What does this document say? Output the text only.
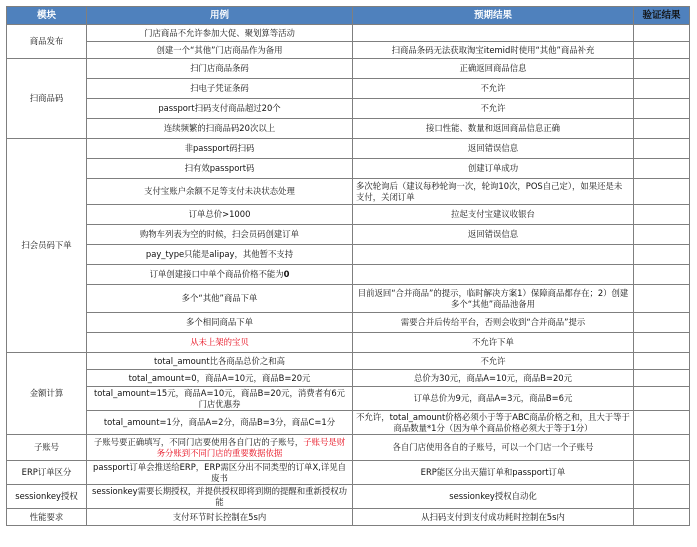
模块	用例	预期结果	验证结果
商品发布	门店商品不允许参加大促、聚划算等活动		
	创建一个“其他”门店商品作为备用	扫商品条码无法获取淘宝itemid时使用“其他”商品补充	
扫商品码	扫门店商品条码	正确返回商品信息	
	扫电子凭证条码	不允许	
	passport扫码支付商品超过20个	不允许	
	连续频繁的扫商品码20次以上	接口性能、数量和返回商品信息正确	
扫会员码下单	非passport码扫码	返回错误信息	
	扫有效passport码	创建订单成功	
	支付宝账户余额不足等支付未决状态处理	多次轮询后（建议每秒轮询一次，轮询10次，POS自己定），如果还是未支付，关闭订单	
	订单总价>1000	拉起支付宝建议收银台	
	购物车列表为空的时候，扫会员码创建订单	返回错误信息	
	pay_type只能是alipay，其他暂不支持		
	订单创建接口中单个商品价格不能为0		
	多个“其他”商品下单	目前返回“合并商品”的提示，临时解决方案1）保障商品都存在；2）创建多个“其他”商品池备用	
	多个相同商品下单	需要合并后传给平台，否则会收到“合并商品”提示	
	从未上架的宝贝	不允许下单	
金额计算	total_amount比各商品总价之和高	不允许	
	total_amount=0，商品A=10元，商品B=20元	总价为30元，商品A=10元，商品B=20元	
	total_amount=15元，商品A=10元，商品B=20元，消费者有6元门店优惠券	订单总价为9元，商品A=3元，商品B=6元	
	total_amount=1分，商品A=2分，商品B=3分，商品C=1分	不允许，total_amount价格必须小于等于ABC商品价格之和，且大于等于商品数量*1分（因为单个商品价格必须大于等于1分）	
子账号	子账号要正确填写，不同门店要使用各自门店的子账号，子账号是财务分账到不同门店的重要数据依据	各自门店使用各自的子账号，可以一个门店一个子账号	
ERP订单区分	passport订单会推送给ERP，ERP需区分出不同类型的订单X,详见自废书	ERP能区分出天猫订单和passport订单	
sessionkey授权	sessionkey需要长期授权，并提供授权即将到期的提醒和重新授权功能	sessionkey授权自动化	
性能要求	支付环节时长控制在5s内	从扫码支付到支付成功耗时控制在5s内	
